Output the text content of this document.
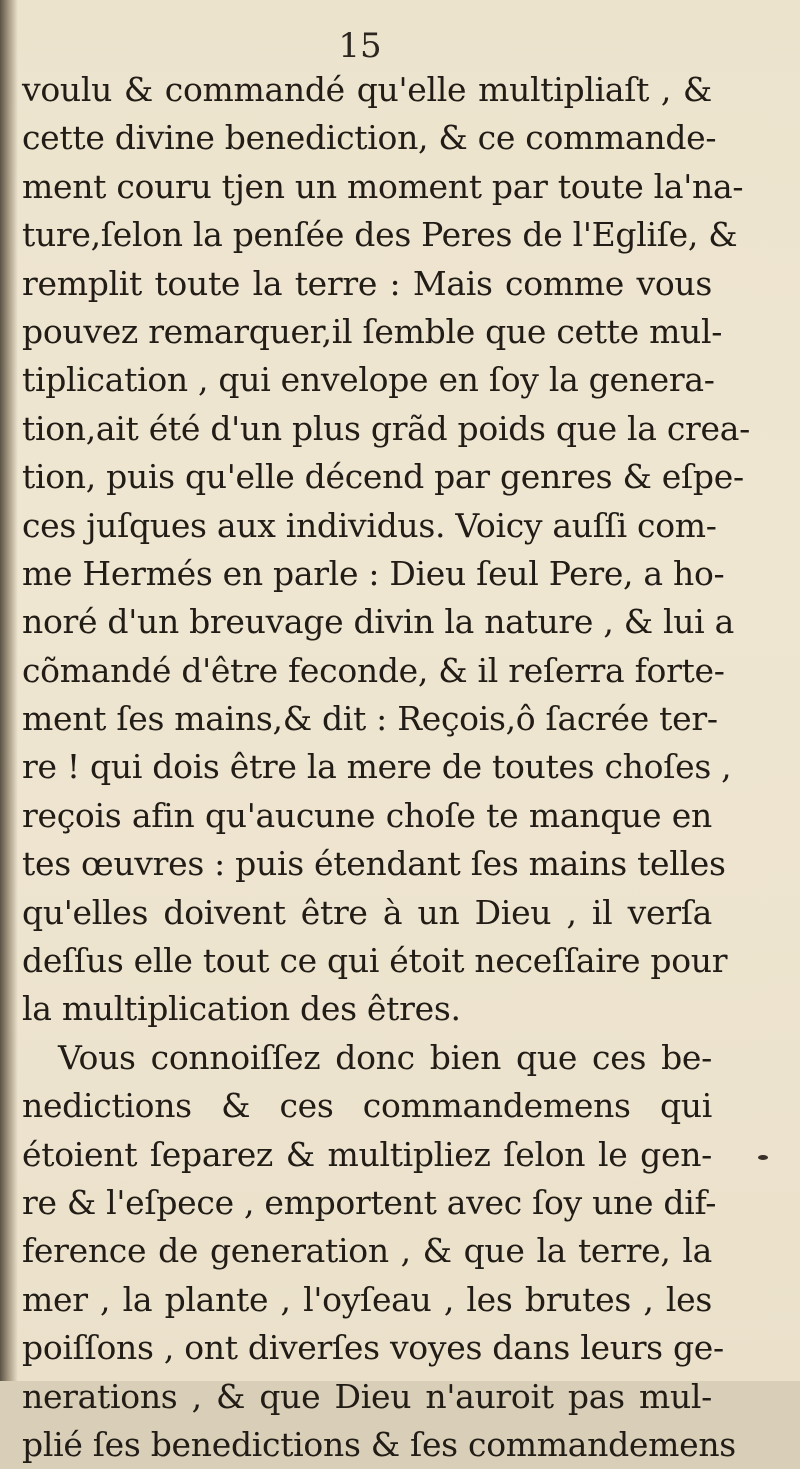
15
voulu & commandé qu'elle multipliaſt , &
cette divine benediction, & ce commande-
ment couru tjen un moment par toute la'na-
ture,ſelon la penſée des Peres de l'Egliſe, &
remplit toute la terre : Mais comme vous
pouvez remarquer,il ſemble que cette mul-
tiplication , qui envelope en ſoy la genera-
tion,ait été d'un plus grãd poids que la crea-
tion, puis qu'elle décend par genres & eſpe-
ces juſques aux individus. Voicy auſſi com-
me Hermés en parle : Dieu ſeul Pere, a ho-
noré d'un breuvage divin la nature , & lui a
cõmandé d'être feconde, & il reſerra forte-
ment ſes mains,& dit : Reçois,ô ſacrée ter-
re ! qui dois être la mere de toutes choſes ,
reçois afin qu'aucune choſe te manque en
tes œuvres : puis étendant ſes mains telles
qu'elles doivent être à un Dieu , il verſa
deſſus elle tout ce qui étoit neceſſaire pour
la multiplication des êtres.
Vous connoiſſez donc bien que ces be-
nedictions & ces commandemens qui
étoient ſeparez & multipliez ſelon le gen-
re & l'eſpece , emportent avec ſoy une dif-
ference de generation , & que la terre, la
mer , la plante , l'oyſeau , les brutes , les
poiſſons , ont diverſes voyes dans leurs ge-
nerations , & que Dieu n'auroit pas mul-
plié ſes benedictions & ſes commandemens
